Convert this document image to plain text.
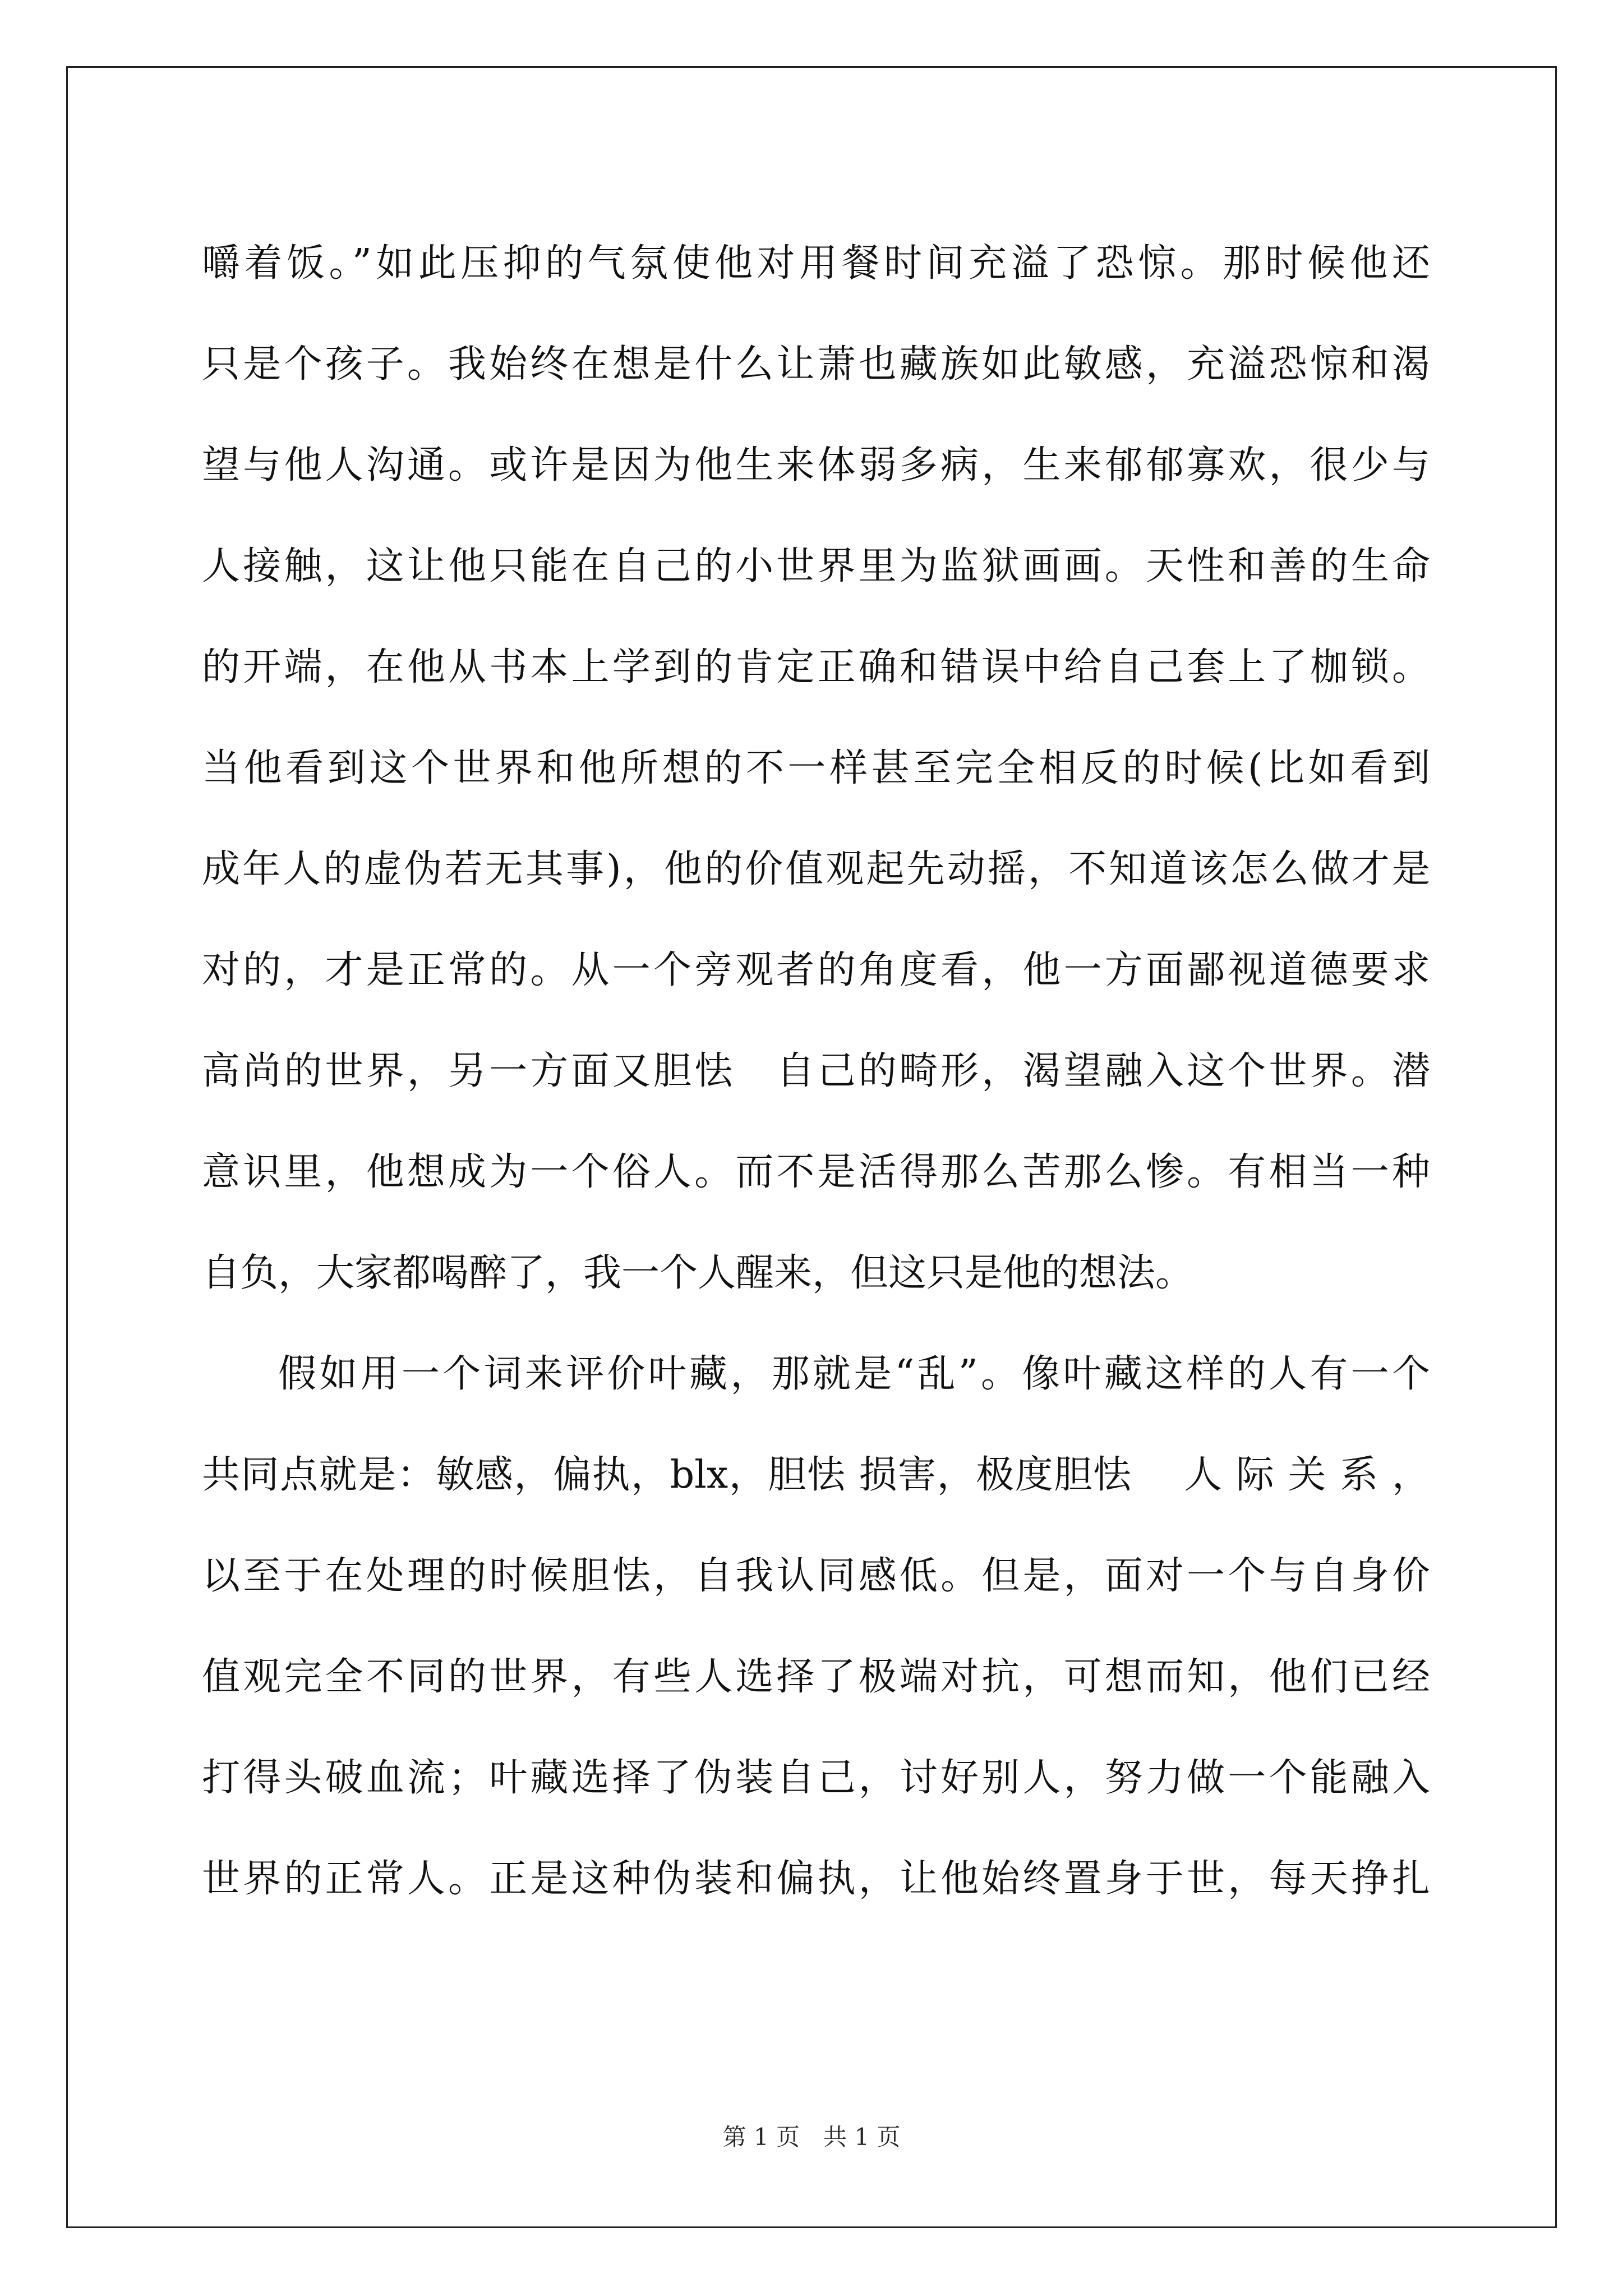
嚼着饭。”如此压抑的气氛使他对用餐时间充溢了恐惊。那时候他还
只是个孩子。我始终在想是什么让萧也藏族如此敏感，充溢恐惊和渴
望与他人沟通。或许是因为他生来体弱多病，生来郁郁寡欢，很少与
人接触，这让他只能在自己的小世界里为监狱画画。天性和善的生命
的开端，在他从书本上学到的肯定正确和错误中给自己套上了枷锁。
当他看到这个世界和他所想的不一样甚至完全相反的时候(比如看到
成年人的虚伪若无其事)，他的价值观起先动摇，不知道该怎么做才是
对的，才是正常的。从一个旁观者的角度看，他一方面鄙视道德要求
高尚的世界，另一方面又胆怯　自己的畸形，渴望融入这个世界。潜
意识里，他想成为一个俗人。而不是活得那么苦那么惨。有相当一种
自负，大家都喝醉了，我一个人醒来，但这只是他的想法。
假如用一个词来评价叶藏，那就是“乱”。像叶藏这样的人有一个
共同点就是：敏感，偏执，blx，胆怯 损害，极度胆怯　 人 际 关 系 ，
以至于在处理的时候胆怯，自我认同感低。但是，面对一个与自身价
值观完全不同的世界，有些人选择了极端对抗，可想而知，他们已经
打得头破血流；叶藏选择了伪装自己，讨好别人，努力做一个能融入
世界的正常人。正是这种伪装和偏执，让他始终置身于世，每天挣扎
第 1 页　共 1 页
